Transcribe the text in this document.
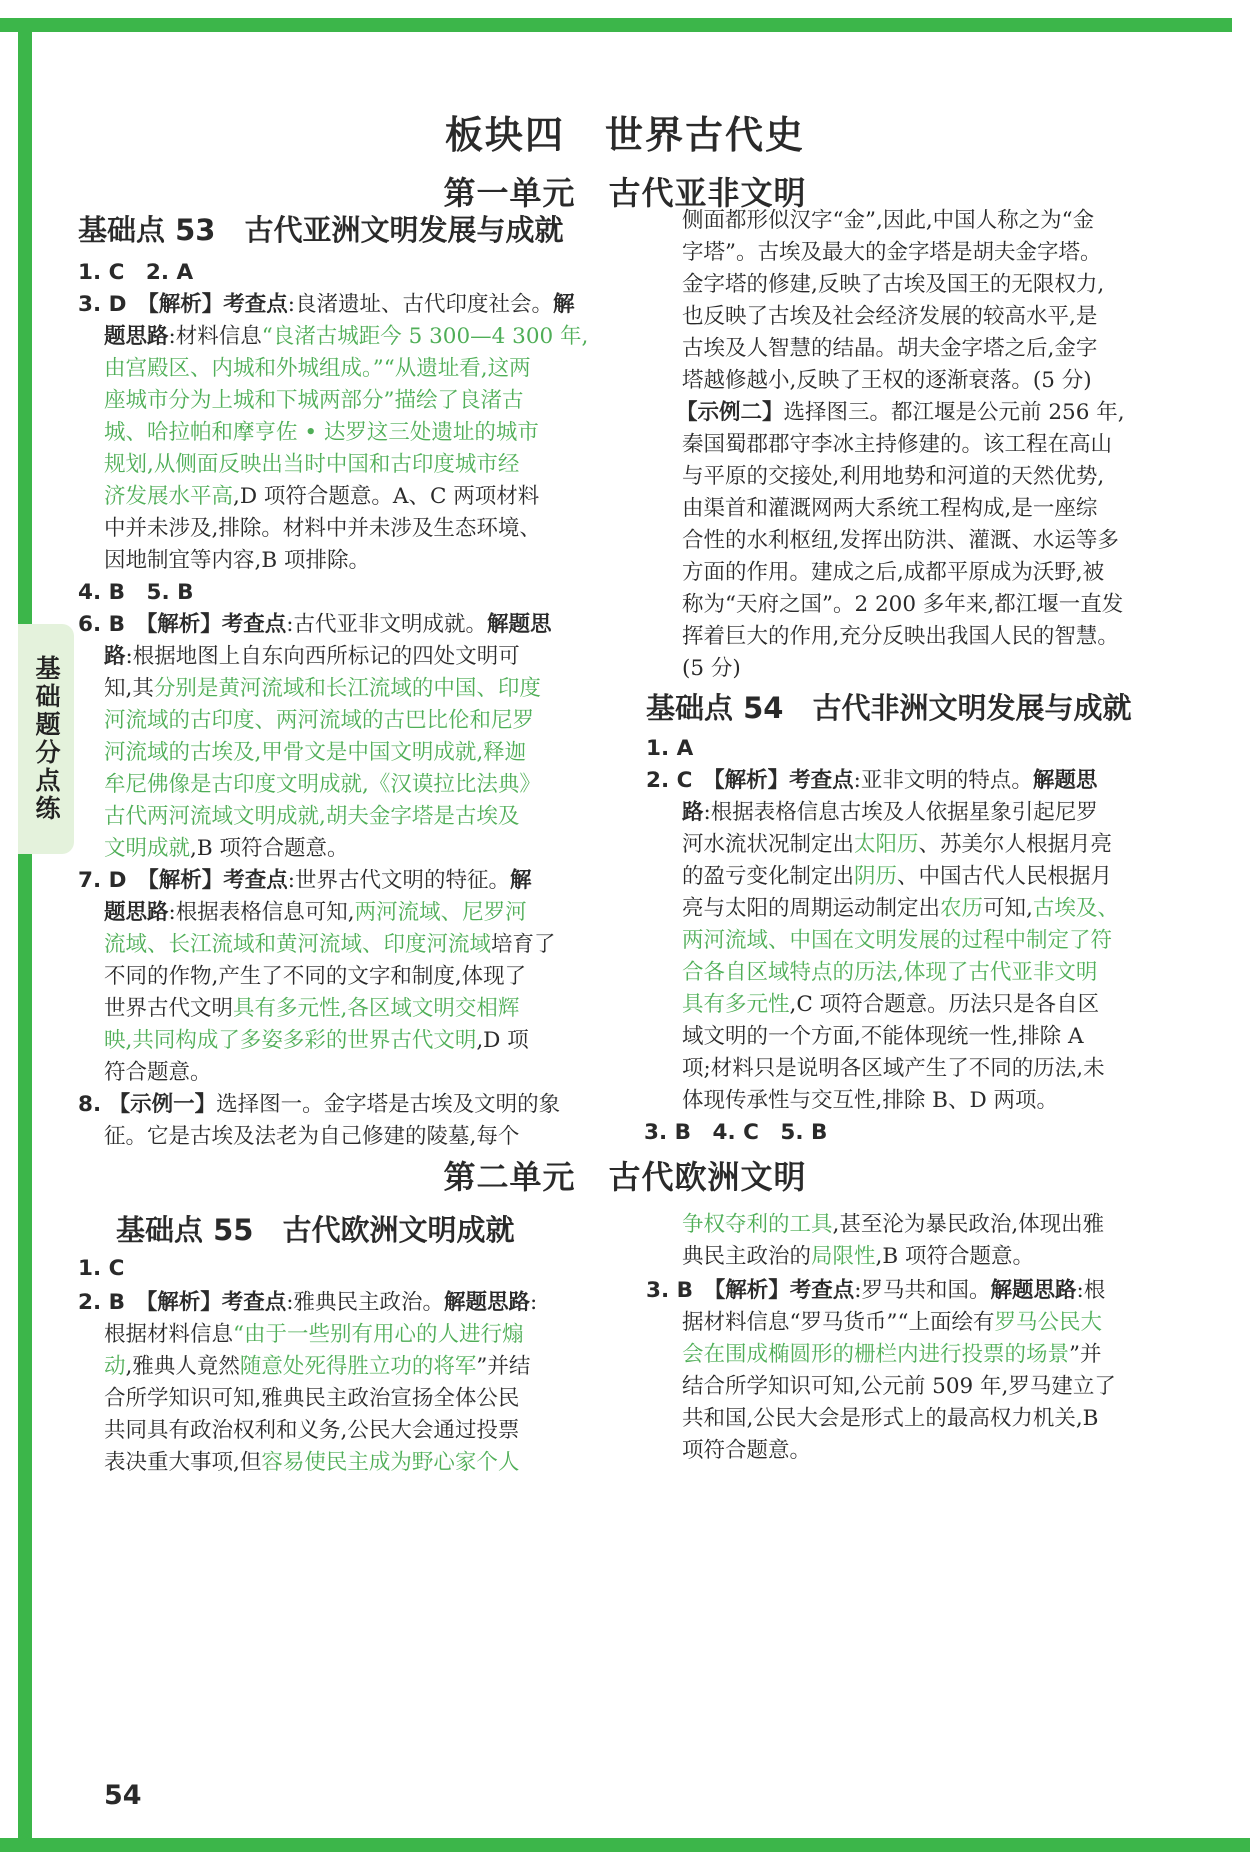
基础题分点练
板块四　世界古代史
第一单元　古代亚非文明
基础点 53　古代亚洲文明发展与成就
1. C　2. A
3. D　【解析】考查点:良渚遗址、古代印度社会。解
题思路:材料信息“良渚古城距今 5 300—4 300 年,
由宫殿区、内城和外城组成。”“从遗址看,这两
座城市分为上城和下城两部分”描绘了良渚古
城、哈拉帕和摩亨佐 • 达罗这三处遗址的城市
规划,从侧面反映出当时中国和古印度城市经
济发展水平高,D 项符合题意。A、C 两项材料
中并未涉及,排除。材料中并未涉及生态环境、
因地制宜等内容,B 项排除。
4. B　5. B
6. B　【解析】考查点:古代亚非文明成就。解题思
路:根据地图上自东向西所标记的四处文明可
知,其分别是黄河流域和长江流域的中国、印度
河流域的古印度、两河流域的古巴比伦和尼罗
河流域的古埃及,甲骨文是中国文明成就,释迦
牟尼佛像是古印度文明成就,《汉谟拉比法典》
古代两河流域文明成就,胡夫金字塔是古埃及
文明成就,B 项符合题意。
7. D　【解析】考查点:世界古代文明的特征。解
题思路:根据表格信息可知,两河流域、尼罗河
流域、长江流域和黄河流域、印度河流域培育了
不同的作物,产生了不同的文字和制度,体现了
世界古代文明具有多元性,各区域文明交相辉
映,共同构成了多姿多彩的世界古代文明,D 项
符合题意。
8. 【示例一】选择图一。金字塔是古埃及文明的象
征。它是古埃及法老为自己修建的陵墓,每个
侧面都形似汉字“金”,因此,中国人称之为“金
字塔”。古埃及最大的金字塔是胡夫金字塔。
金字塔的修建,反映了古埃及国王的无限权力,
也反映了古埃及社会经济发展的较高水平,是
古埃及人智慧的结晶。胡夫金字塔之后,金字
塔越修越小,反映了王权的逐渐衰落。(5 分)
【示例二】选择图三。都江堰是公元前 256 年,
秦国蜀郡郡守李冰主持修建的。该工程在高山
与平原的交接处,利用地势和河道的天然优势,
由渠首和灌溉网两大系统工程构成,是一座综
合性的水利枢纽,发挥出防洪、灌溉、水运等多
方面的作用。建成之后,成都平原成为沃野,被
称为“天府之国”。2 200 多年来,都江堰一直发
挥着巨大的作用,充分反映出我国人民的智慧。
(5 分)
基础点 54　古代非洲文明发展与成就
1. A
2. C　【解析】考查点:亚非文明的特点。解题思
路:根据表格信息古埃及人依据星象引起尼罗
河水流状况制定出太阳历、苏美尔人根据月亮
的盈亏变化制定出阴历、中国古代人民根据月
亮与太阳的周期运动制定出农历可知,古埃及、
两河流域、中国在文明发展的过程中制定了符
合各自区域特点的历法,体现了古代亚非文明
具有多元性,C 项符合题意。历法只是各自区
域文明的一个方面,不能体现统一性,排除 A
项;材料只是说明各区域产生了不同的历法,未
体现传承性与交互性,排除 B、D 两项。
3. B　4. C　5. B
第二单元　古代欧洲文明
基础点 55　古代欧洲文明成就
1. C
2. B　【解析】考查点:雅典民主政治。解题思路:
根据材料信息“由于一些别有用心的人进行煽
动,雅典人竟然随意处死得胜立功的将军”并结
合所学知识可知,雅典民主政治宣扬全体公民
共同具有政治权利和义务,公民大会通过投票
表决重大事项,但容易使民主成为野心家个人
争权夺利的工具,甚至沦为暴民政治,体现出雅
典民主政治的局限性,B 项符合题意。
3. B　【解析】考查点:罗马共和国。解题思路:根
据材料信息“罗马货币”“上面绘有罗马公民大
会在围成椭圆形的栅栏内进行投票的场景”并
结合所学知识可知,公元前 509 年,罗马建立了
共和国,公民大会是形式上的最高权力机关,B
项符合题意。
54
